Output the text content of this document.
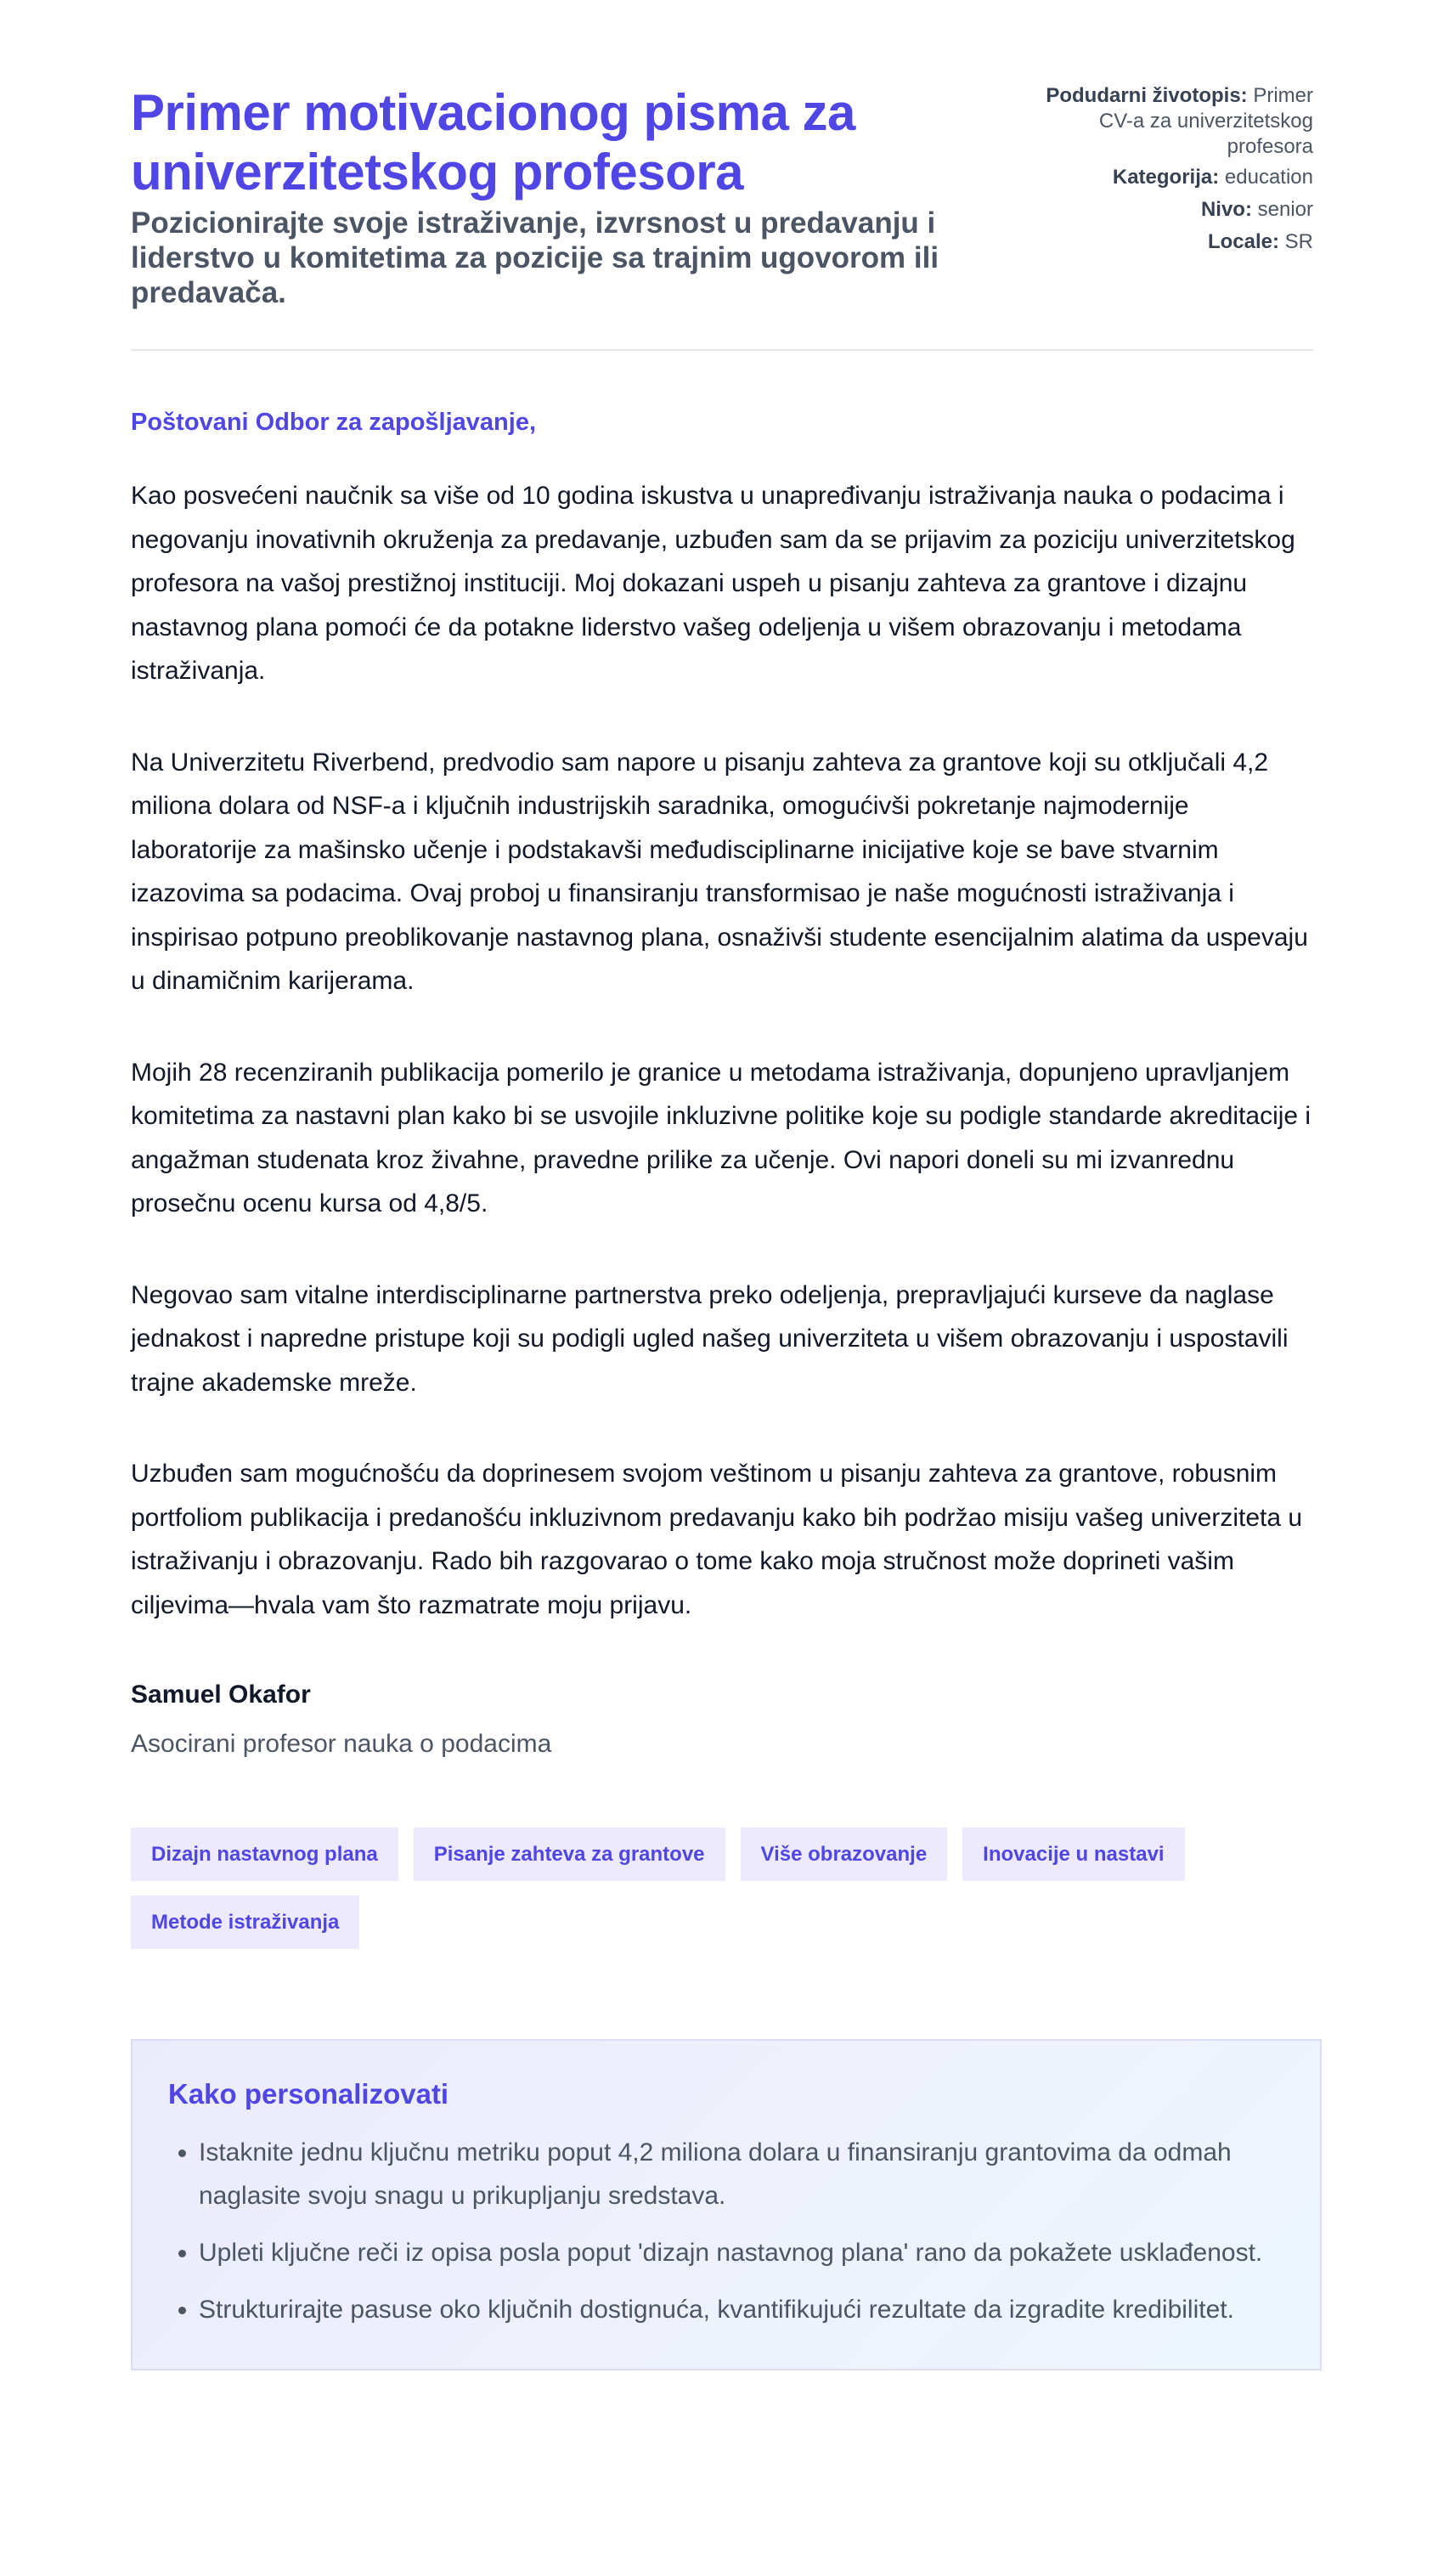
Primer motivacionog pisma za univerzitetskog profesora
Pozicionirajte svoje istraživanje, izvrsnost u predavanju i liderstvo u komitetima za pozicije sa trajnim ugovorom ili predavača.
Podudarni životopis: Primer CV-a za univerzitetskog profesora
Kategorija: education
Nivo: senior
Locale: SR

Poštovani Odbor za zapošljavanje,

Kao posvećeni naučnik sa više od 10 godina iskustva u unapređivanju istraživanja nauka o podacima i negovanju inovativnih okruženja za predavanje, uzbuđen sam da se prijavim za poziciju univerzitetskog profesora na vašoj prestižnoj instituciji. Moj dokazani uspeh u pisanju zahteva za grantove i dizajnu nastavnog plana pomoći će da potakne liderstvo vašeg odeljenja u višem obrazovanju i metodama istraživanja.

Na Univerzitetu Riverbend, predvodio sam napore u pisanju zahteva za grantove koji su otključali 4,2 miliona dolara od NSF-a i ključnih industrijskih saradnika, omogućivši pokretanje najmodernije laboratorije za mašinsko učenje i podstakavši međudisciplinarne inicijative koje se bave stvarnim izazovima sa podacima. Ovaj proboj u finansiranju transformisao je naše mogućnosti istraživanja i inspirisao potpuno preoblikovanje nastavnog plana, osnaživši studente esencijalnim alatima da uspevaju u dinamičnim karijerama.

Mojih 28 recenziranih publikacija pomerilo je granice u metodama istraživanja, dopunjeno upravljanjem komitetima za nastavni plan kako bi se usvojile inkluzivne politike koje su podigle standarde akreditacije i angažman studenata kroz živahne, pravedne prilike za učenje. Ovi napori doneli su mi izvanrednu prosečnu ocenu kursa od 4,8/5.

Negovao sam vitalne interdisciplinarne partnerstva preko odeljenja, prepravljajući kurseve da naglase jednakost i napredne pristupe koji su podigli ugled našeg univerziteta u višem obrazovanju i uspostavili trajne akademske mreže.

Uzbuđen sam mogućnošću da doprinesem svojom veštinom u pisanju zahteva za grantove, robusnim portfoliom publikacija i predanošću inkluzivnom predavanju kako bih podržao misiju vašeg univerziteta u istraživanju i obrazovanju. Rado bih razgovarao o tome kako moja stručnost može doprineti vašim ciljevima—hvala vam što razmatrate moju prijavu.

Samuel Okafor
Asocirani profesor nauka o podacima
Dizajn nastavnog plana	Pisanje zahteva za grantove	Više obrazovanje	Inovacije u nastavi
Metode istraživanja
Kako personalizovati
• Istaknite jednu ključnu metriku poput 4,2 miliona dolara u finansiranju grantovima da odmah naglasite svoju snagu u prikupljanju sredstava.
• Upleti ključne reči iz opisa posla poput 'dizajn nastavnog plana' rano da pokažete usklađenost.
• Strukturirajte pasuse oko ključnih dostignuća, kvantifikujući rezultate da izgradite kredibilitet.
